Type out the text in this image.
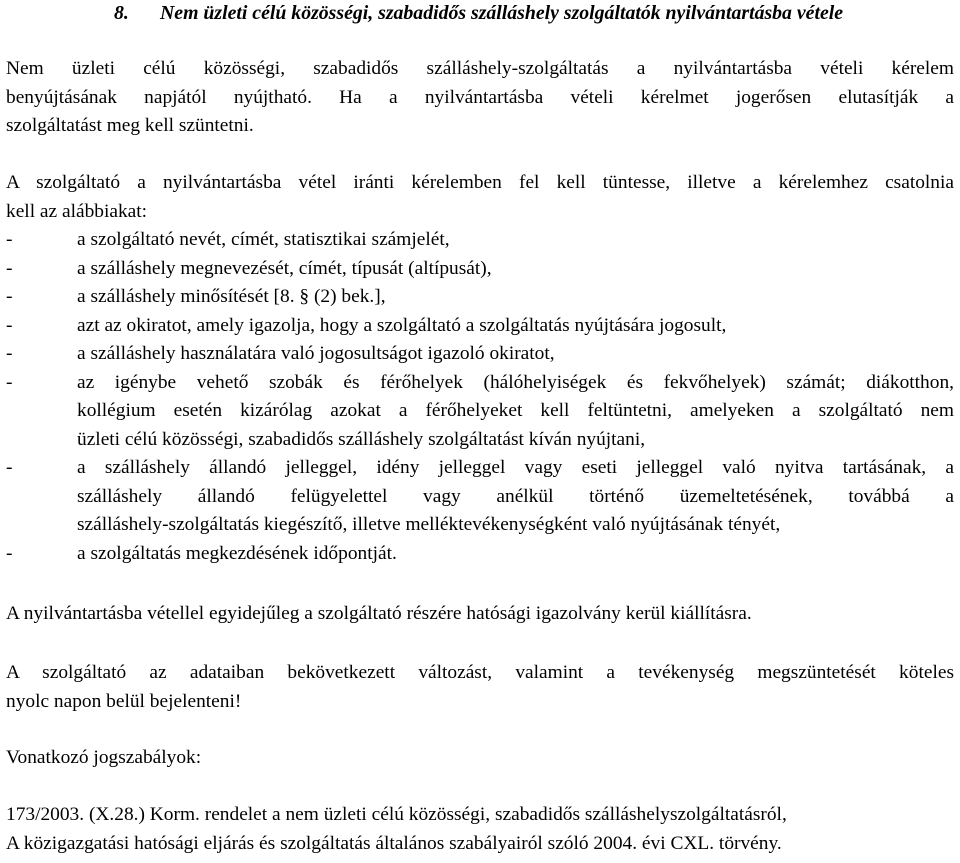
8. Nem üzleti célú közösségi, szabadidős szálláshely szolgáltatók nyilvántartásba vétele
Nem üzleti célú közösségi, szabadidős szálláshely-szolgáltatás a nyilvántartásba vételi kérelem
benyújtásának napjától nyújtható. Ha a nyilvántartásba vételi kérelmet jogerősen elutasítják a
szolgáltatást meg kell szüntetni.
A szolgáltató a nyilvántartásba vétel iránti kérelemben fel kell tüntesse, illetve a kérelemhez csatolnia
kell az alábbiakat:
-	a szolgáltató nevét, címét, statisztikai számjelét,
-	a szálláshely megnevezését, címét, típusát (altípusát),
-	a szálláshely minősítését [8. § (2) bek.],
-	azt az okiratot, amely igazolja, hogy a szolgáltató a szolgáltatás nyújtására jogosult,
-	a szálláshely használatára való jogosultságot igazoló okiratot,
-	az igénybe vehető szobák és férőhelyek (hálóhelyiségek és fekvőhelyek) számát; diákotthon,
kollégium esetén kizárólag azokat a férőhelyeket kell feltüntetni, amelyeken a szolgáltató nem
üzleti célú közösségi, szabadidős szálláshely szolgáltatást kíván nyújtani,
-	a szálláshely állandó jelleggel, idény jelleggel vagy eseti jelleggel való nyitva tartásának, a
szálláshely állandó felügyelettel vagy anélkül történő üzemeltetésének, továbbá a
szálláshely-szolgáltatás kiegészítő, illetve melléktevékenységként való nyújtásának tényét,
-	a szolgáltatás megkezdésének időpontját.
A nyilvántartásba vétellel egyidejűleg a szolgáltató részére hatósági igazolvány kerül kiállításra.
A szolgáltató az adataiban bekövetkezett változást, valamint a tevékenység megszüntetését köteles
nyolc napon belül bejelenteni!
Vonatkozó jogszabályok:
173/2003. (X.28.) Korm. rendelet a nem üzleti célú közösségi, szabadidős szálláshelyszolgáltatásról,
A közigazgatási hatósági eljárás és szolgáltatás általános szabályairól szóló 2004. évi CXL. törvény.
